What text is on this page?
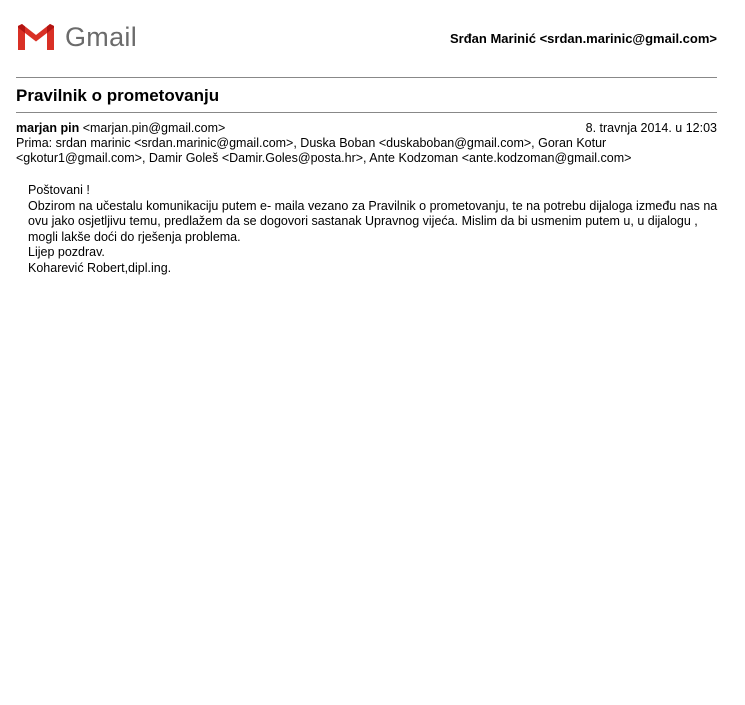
Gmail	Srđan Marinić <srdan.marinic@gmail.com>
Pravilnik o prometovanju
marjan pin <marjan.pin@gmail.com>	8. travnja 2014. u 12:03
Prima: srdan marinic <srdan.marinic@gmail.com>, Duska Boban <duskaboban@gmail.com>, Goran Kotur <gkotur1@gmail.com>, Damir Goleš <Damir.Goles@posta.hr>, Ante Kodzoman <ante.kodzoman@gmail.com>
Poštovani !
Obzirom na učestalu komunikaciju putem e- maila vezano za Pravilnik o prometovanju, te na potrebu dijaloga između nas na ovu jako osjetljivu temu, predlažem da se dogovori sastanak Upravnog vijeća. Mislim da bi usmenim putem u, u dijalogu , mogli lakše doći do rješenja problema.
Lijep pozdrav.
Koharević Robert,dipl.ing.
